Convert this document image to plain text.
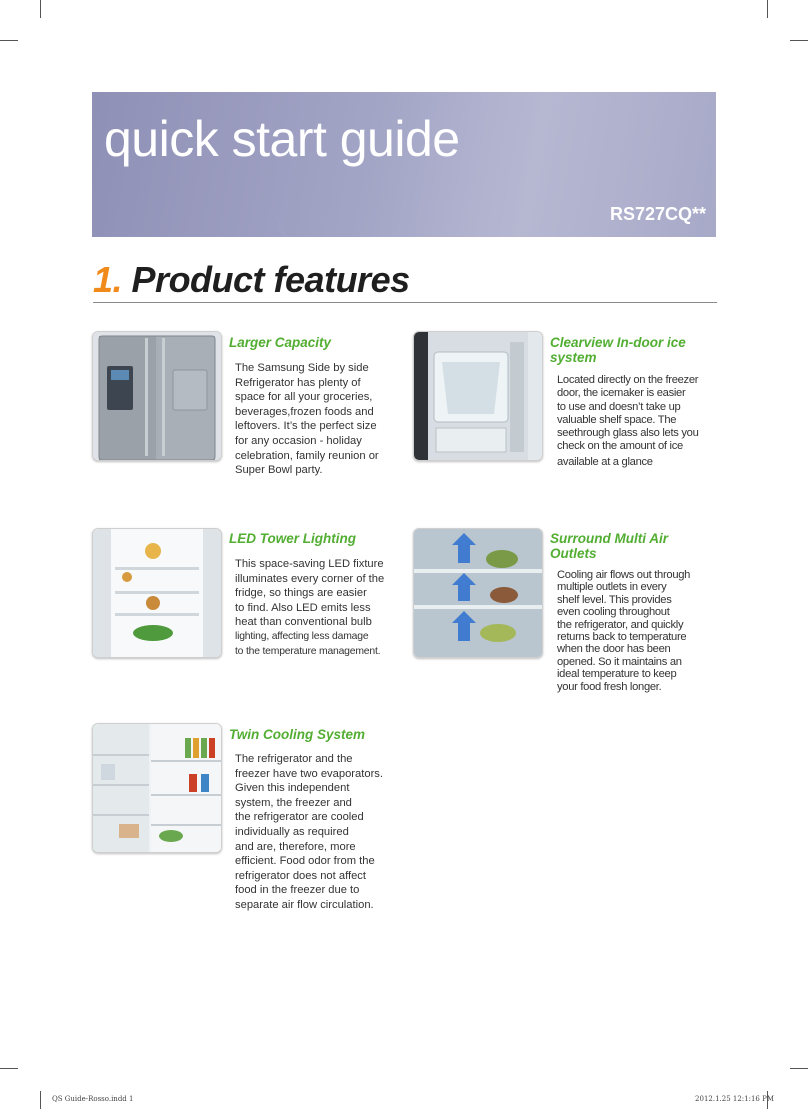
quick start guide
RS727CQ**
1. Product features
Larger Capacity
The Samsung Side by side
Refrigerator has plenty of
space for all your groceries,
beverages,frozen foods and
leftovers. It’s the perfect size
for any occasion - holiday
celebration, family reunion or
Super Bowl party.
Clearview In-door ice
system
Located directly on the freezer
door, the icemaker is easier
to use and doesn’t take up
valuable shelf space. The
seethrough glass also lets you
check on the amount of ice
available at a glance
LED Tower Lighting
This space-saving LED fixture
illuminates every corner of the
fridge, so things are easier
to find. Also LED emits less
heat than conventional bulb
lighting, affecting less damage
to the temperature management.
Surround Multi Air
Outlets
Cooling air flows out through
multiple outlets in every
shelf level. This provides
even cooling throughout
the refrigerator, and quickly
returns back to temperature
when the door has been
opened. So it maintains an
ideal temperature to keep
your food fresh longer.
Twin Cooling System
The refrigerator and the
freezer have two evaporators.
Given this independent
system, the freezer and
the refrigerator are cooled
individually as required
and are, therefore, more
efficient. Food odor from the
refrigerator does not affect
food in the freezer due to
separate air flow circulation.
QS Guide-Rosso.indd 1	2012.1.25 12:1:16 PM
